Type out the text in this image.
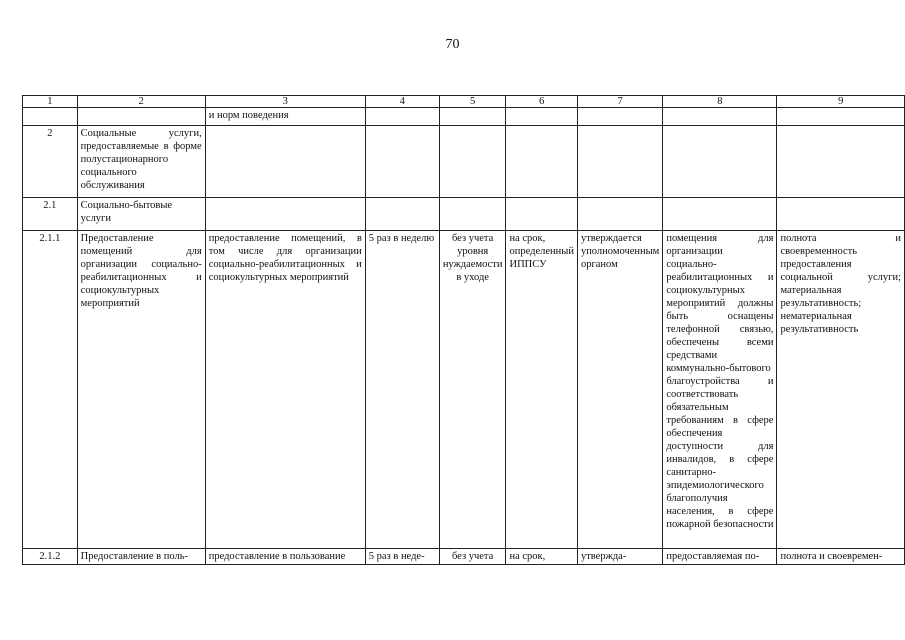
70
1	2	3	4	5	6	7	8	9
		и норм поведения						
2	Социальные услуги, предоставляемые в форме полустационарного социального обслуживания							
2.1	Социально-бытовые услуги							
2.1.1	Предоставление помещений для организации социально-реабилитационных и социокультурных мероприятий	предоставление помещений, в том числе для организации социально-реабилитационных и социокультурных мероприятий	5 раз в неделю	без учета уровня нуждаемости в уходе	на срок, определенный ИППСУ	утверждается уполномоченным органом	помещения для организации социально-реабилитационных и социокультурных мероприятий должны быть оснащены телефонной связью, обеспечены всеми средствами коммунально-бытового благоустройства и соответствовать обязательным требованиям в сфере обеспечения доступности для инвалидов, в сфере санитарно-эпидемиологического благополучия населения, в сфере пожарной безопасности	полнота и своевременность предоставления социальной услуги; материальная результативность; нематериальная результативность
2.1.2	Предоставление в поль-	предоставление в пользование	5 раз в неде-	без учета	на срок,	утвержда-	предоставляемая по-	полнота и своевремен-
